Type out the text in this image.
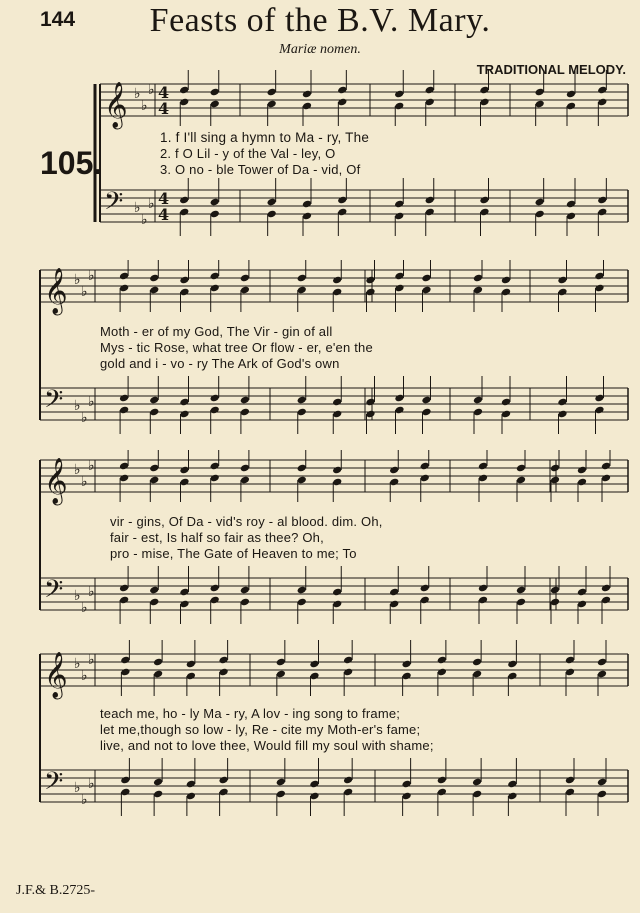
144	Feasts of the B.V. Mary.
Mariæ nomen.
TRADITIONAL MELODY.
105.
𝄞 ♭
♭
♭ 4
4
𝄢 ♭
♭
♭ 4
4
1. f I'll sing a hymn to Ma - ry, The
2. f O Lil - y of the Val - ley, O
3. O no - ble Tower of Da - vid, Of
𝄞 ♭
♭
♭
𝄢 ♭
♭
♭
Moth - er of my God, The Vir - gin of all
Mys - tic Rose, what tree Or flow - er, e'en the
gold and i - vo - ry The Ark of God's own
𝄞 ♭
♭
♭
𝄢 ♭
♭
♭
vir - gins, Of Da - vid's roy - al blood. dim. Oh,
fair - est, Is half so fair as thee? Oh,
pro - mise, The Gate of Heaven to me; To
𝄞 ♭
♭
♭
𝄢 ♭
♭
♭
teach me, ho - ly Ma - ry, A lov - ing song to frame;
let me,though so low - ly, Re - cite my Moth-er's fame;
live, and not to love thee, Would fill my soul with shame;
J.F.& B.2725-
